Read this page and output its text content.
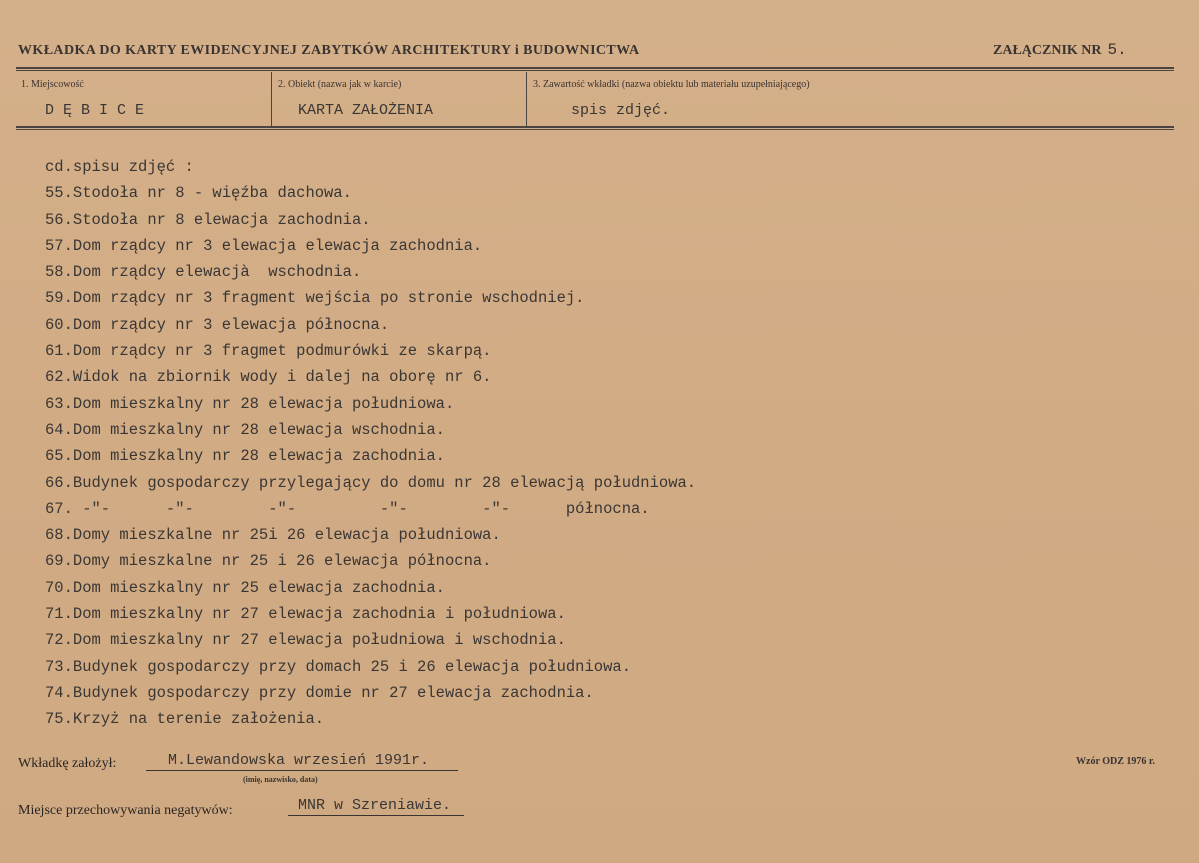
WKŁADKA DO KARTY EWIDENCYJNEJ ZABYTKÓW ARCHITEKTURY i BUDOWNICTWA	ZAŁĄCZNIK NR 5.
1. Miejscowość
D Ę B I C E
2. Obiekt (nazwa jak w karcie)
KARTA ZAŁOŻENIA
3. Zawartość wkładki (nazwa obiektu lub materiału uzupełniającego)
spis zdjęć.
cd.spisu zdjęć :
55.Stodoła nr 8 - więźba dachowa.
56.Stodoła nr 8 elewacja zachodnia.
57.Dom rządcy nr 3 elewacja elewacja zachodnia.
58.Dom rządcy elewacjà  wschodnia.
59.Dom rządcy nr 3 fragment wejścia po stronie wschodniej.
60.Dom rządcy nr 3 elewacja północna.
61.Dom rządcy nr 3 fragmet podmurówki ze skarpą.
62.Widok na zbiornik wody i dalej na oborę nr 6.
63.Dom mieszkalny nr 28 elewacja południowa.
64.Dom mieszkalny nr 28 elewacja wschodnia.
65.Dom mieszkalny nr 28 elewacja zachodnia.
66.Budynek gospodarczy przylegający do domu nr 28 elewacją południowa.
67. -"-      -"-        -"-         -"-        -"-      północna.
68.Domy mieszkalne nr 25i 26 elewacja południowa.
69.Domy mieszkalne nr 25 i 26 elewacja północna.
70.Dom mieszkalny nr 25 elewacja zachodnia.
71.Dom mieszkalny nr 27 elewacja zachodnia i południowa.
72.Dom mieszkalny nr 27 elewacja południowa i wschodnia.
73.Budynek gospodarczy przy domach 25 i 26 elewacja południowa.
74.Budynek gospodarczy przy domie nr 27 elewacja zachodnia.
75.Krzyż na terenie założenia.
Wkładkę założył:	M.Lewandowska wrzesień 1991r.
(imię, nazwisko, data)
Wzór ODZ 1976 r.
Miejsce przechowywania negatywów:	MNR w Szreniawie.
